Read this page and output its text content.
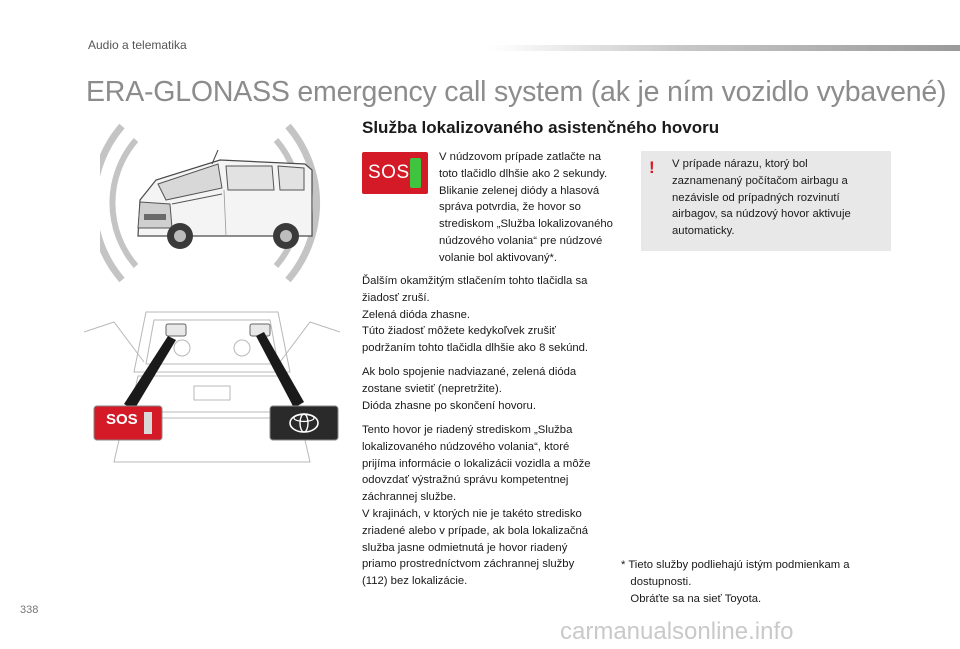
Audio a telematika
ERA-GLONASS emergency call system (ak je ním vozidlo vybavené)
SOS
Služba lokalizovaného asistenčného hovoru
SOS
V núdzovom prípade zatlačte na
toto tlačidlo dlhšie ako 2 sekundy.
Blikanie zelenej diódy a hlasová
správa potvrdia, že hovor so
strediskom „Služba lokalizovaného
núdzového volania“ pre núdzové
volanie bol aktivovaný*.
Ďalším okamžitým stlačením tohto tlačidla sa
žiadosť zruší.
Zelená dióda zhasne.
Túto žiadosť môžete kedykoľvek zrušiť
podržaním tohto tlačidla dlhšie ako 8 sekúnd.
Ak bolo spojenie nadviazané, zelená dióda
zostane svietiť (nepretržite).
Dióda zhasne po skončení hovoru.
Tento hovor je riadený strediskom „Služba
lokalizovaného núdzového volania“, ktoré
prijíma informácie o lokalizácii vozidla a môže
odovzdať výstražnú správu kompetentnej
záchrannej službe.
V krajinách, v ktorých nie je takéto stredisko
zriadené alebo v prípade, ak bola lokalizačná
služba jasne odmietnutá je hovor riadený
priamo prostredníctvom záchrannej služby
(112) bez lokalizácie.
! V prípade nárazu, ktorý bol
zaznamenaný počítačom airbagu a
nezávisle od prípadných rozvinutí
airbagov, sa núdzový hovor aktivuje
automaticky.
* Tieto služby podliehajú istým podmienkam a
dostupnosti.
Obráťte sa na sieť Toyota.
338
carmanualsonline.info
